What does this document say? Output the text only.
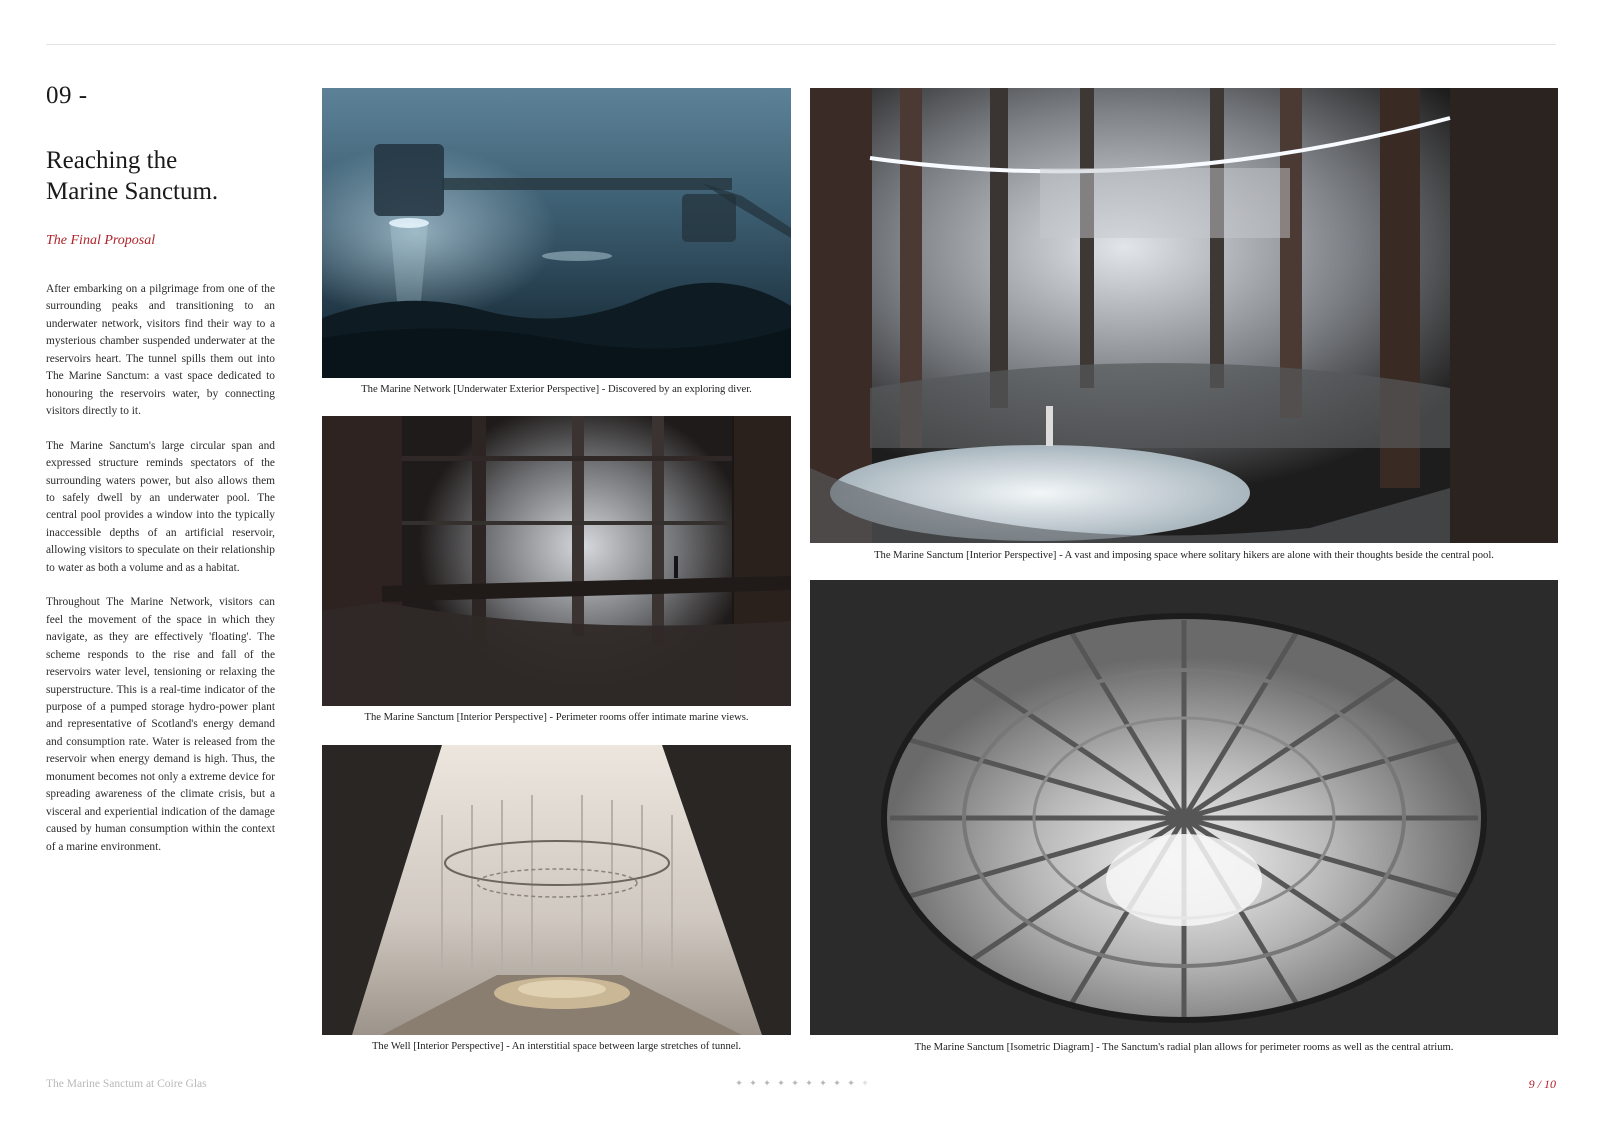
09 -
Reaching the
Marine Sanctum.
The Final Proposal

After embarking on a pilgrimage from one of the surrounding peaks and transitioning to an underwater network, visitors find their way to a mysterious chamber suspended underwater at the reservoirs heart. The tunnel spills them out into The Marine Sanctum: a vast space dedicated to honouring the reservoirs water, by connecting visitors directly to it.

The Marine Sanctum's large circular span and expressed structure reminds spectators of the surrounding waters power, but also allows them to safely dwell by an underwater pool. The central pool provides a window into the typically inaccessible depths of an artificial reservoir, allowing visitors to speculate on their relationship to water as both a volume and as a habitat.

Throughout The Marine Network, visitors can feel the movement of the space in which they navigate, as they are effectively 'floating'. The scheme responds to the rise and fall of the reservoirs water level, tensioning or relaxing the superstructure. This is a real-time indicator of the purpose of a pumped storage hydro-power plant and representative of Scotland's energy demand and consumption rate. Water is released from the reservoir when energy demand is high. Thus, the monument becomes not only a extreme device for spreading awareness of the climate crisis, but a visceral and experiential indication of the damage caused by human consumption within the context of a marine environment.

The Marine Network [Underwater Exterior Perspective] - Discovered by an exploring diver.
The Marine Sanctum [Interior Perspective] - Perimeter rooms offer intimate marine views.
The Well [Interior Perspective] - An interstitial space between large stretches of tunnel.
The Marine Sanctum [Interior Perspective] - A vast and imposing space where solitary hikers are alone with their thoughts beside the central pool.
The Marine Sanctum [Isometric Diagram] - The Sanctum's radial plan allows for perimeter rooms as well as the central atrium.
The Marine Sanctum at Coire Glas	✦ ✦ ✦ ✦ ✦ ✦ ✦ ✦ ✦ ✦	9 / 10
